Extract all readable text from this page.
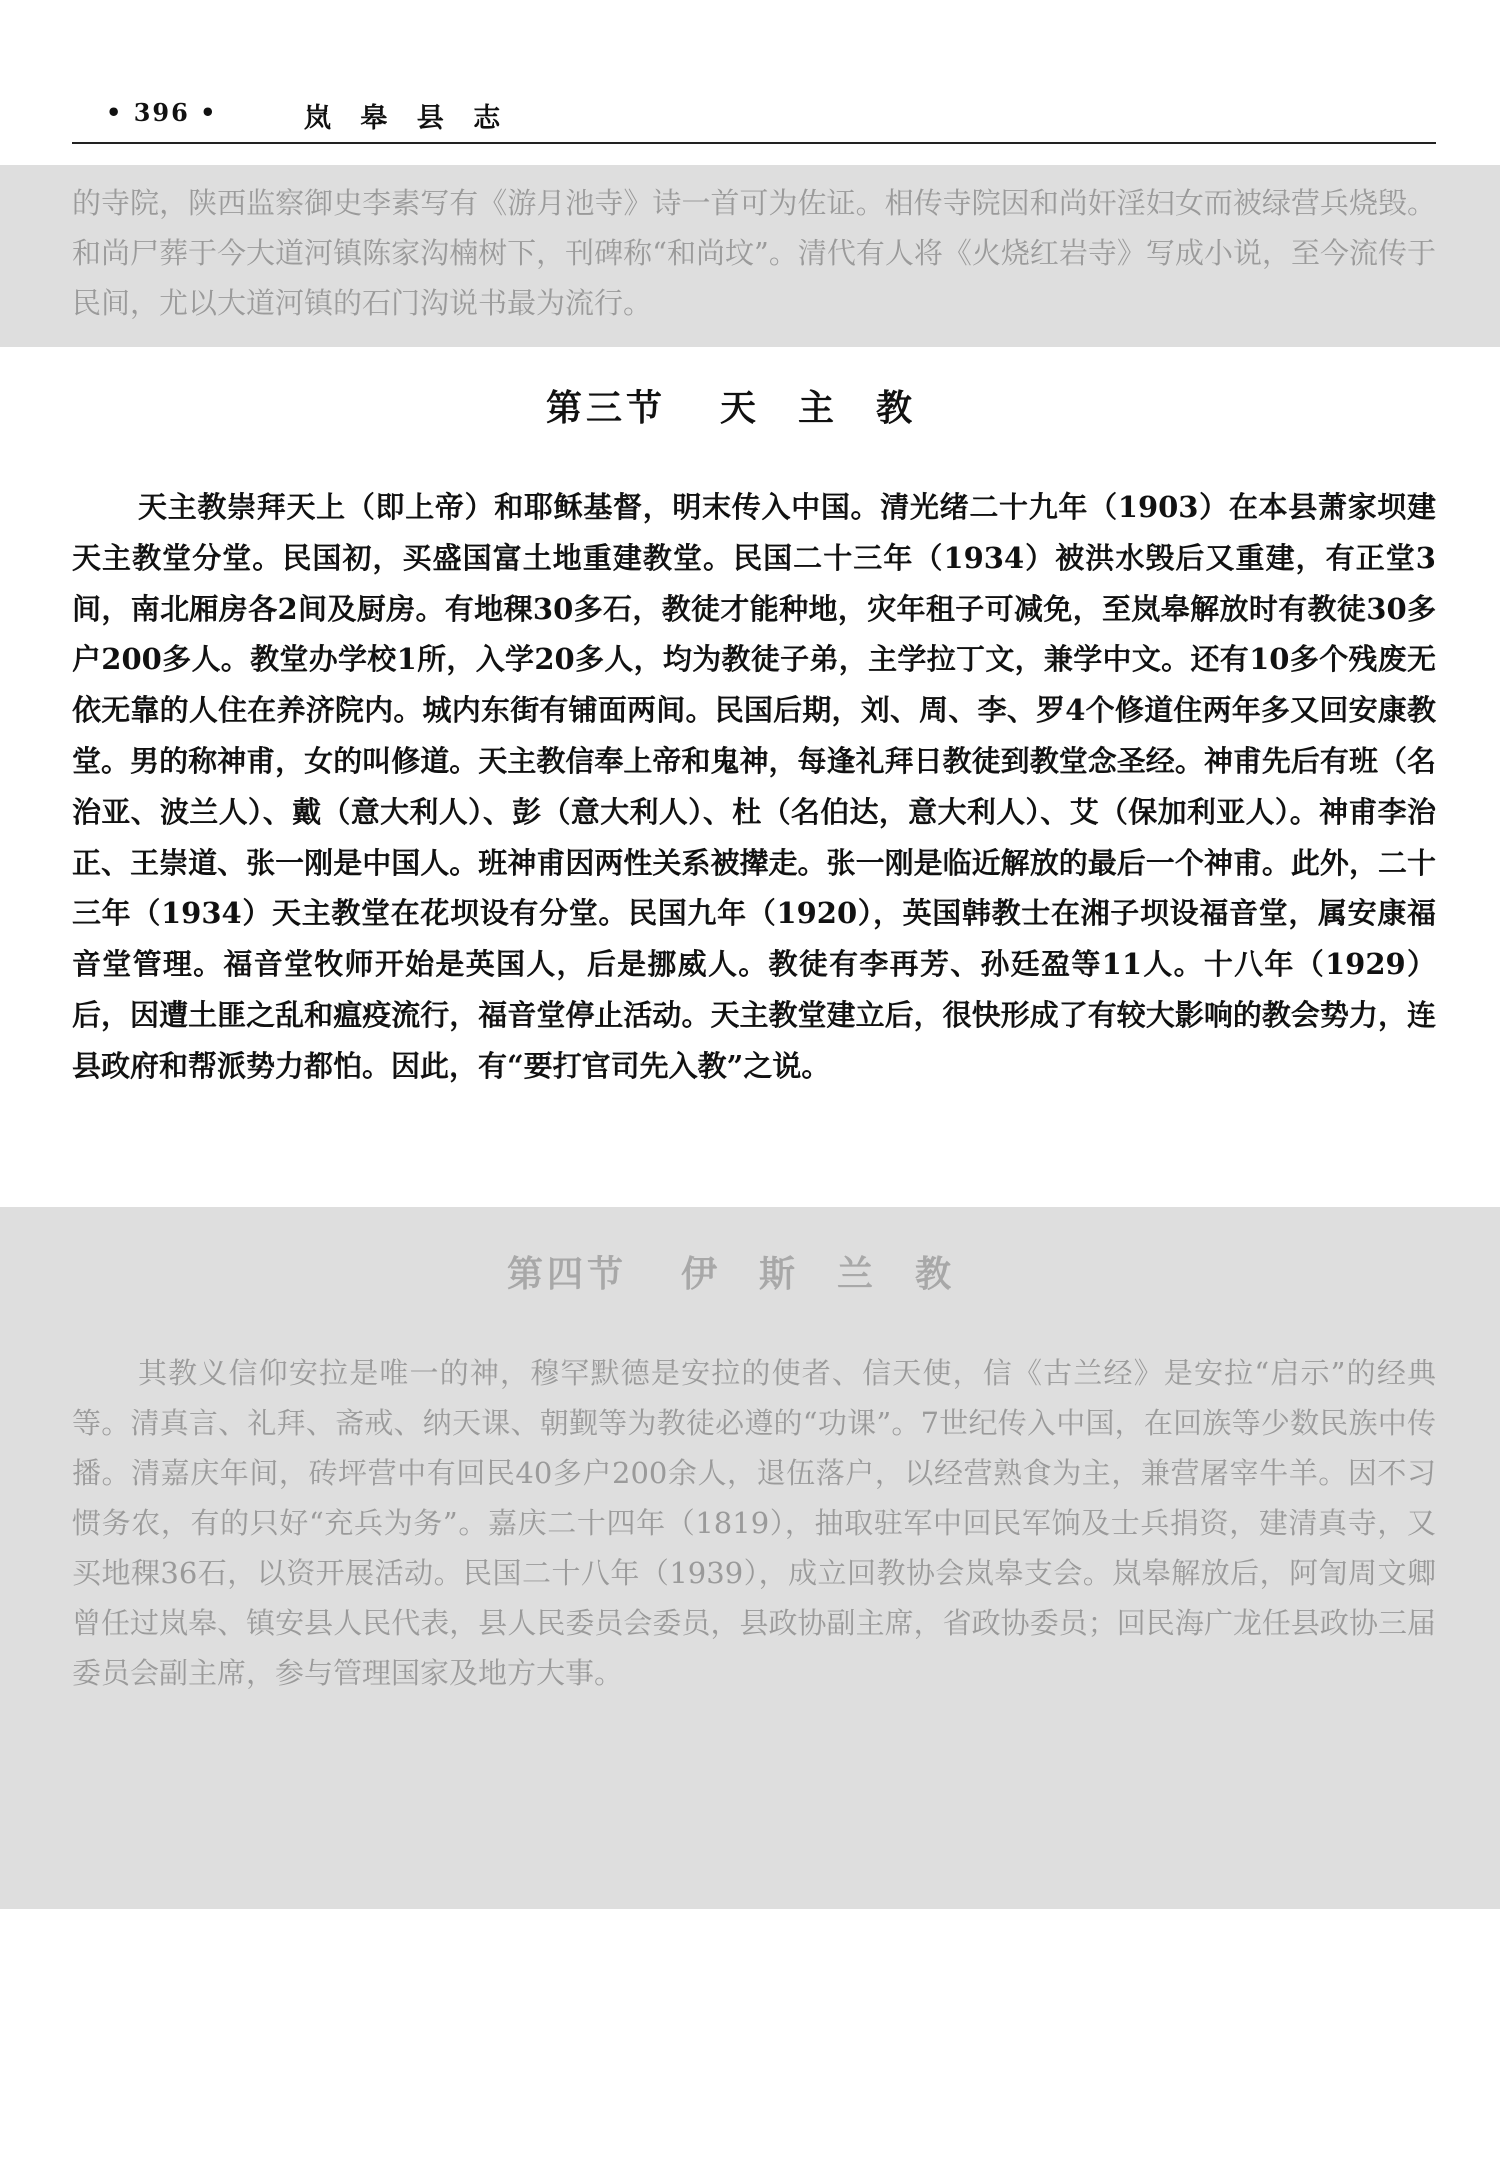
• 396 •	岚 皋 县 志

的寺院，陕西监察御史李素写有《游月池寺》诗一首可为佐证。相传寺院因和尚奸淫妇女而被绿营兵烧毁。和尚尸葬于今大道河镇陈家沟楠树下，刊碑称“和尚坟”。清代有人将《火烧红岩寺》写成小说，至今流传于民间，尤以大道河镇的石门沟说书最为流行。

第三节 天主教

天主教崇拜天上（即上帝）和耶稣基督，明末传入中国。清光绪二十九年（1903）在本县萧家坝建天主教堂分堂。民国初，买盛国富土地重建教堂。民国二十三年（1934）被洪水毁后又重建，有正堂3间，南北厢房各2间及厨房。有地稞30多石，教徒才能种地，灾年租子可减免，至岚皋解放时有教徒30多户200多人。教堂办学校1所，入学20多人，均为教徒子弟，主学拉丁文，兼学中文。还有10多个残废无依无靠的人住在养济院内。城内东街有铺面两间。民国后期，刘、周、李、罗4个修道住两年多又回安康教堂。男的称神甫，女的叫修道。天主教信奉上帝和鬼神，每逢礼拜日教徒到教堂念圣经。神甫先后有班（名治亚、波兰人）、戴（意大利人）、彭（意大利人）、杜（名伯达，意大利人）、艾（保加利亚人）。神甫李治正、王崇道、张一刚是中国人。班神甫因两性关系被撵走。张一刚是临近解放的最后一个神甫。此外，二十三年（1934）天主教堂在花坝设有分堂。民国九年（1920），英国韩教士在湘子坝设福音堂，属安康福音堂管理。福音堂牧师开始是英国人，后是挪威人。教徒有李再芳、孙廷盈等11人。十八年（1929）后，因遭土匪之乱和瘟疫流行，福音堂停止活动。天主教堂建立后，很快形成了有较大影响的教会势力，连县政府和帮派势力都怕。因此，有“要打官司先入教”之说。

第四节 伊斯兰教

其教义信仰安拉是唯一的神，穆罕默德是安拉的使者、信天使，信《古兰经》是安拉“启示”的经典等。清真言、礼拜、斋戒、纳天课、朝觐等为教徒必遵的“功课”。7世纪传入中国，在回族等少数民族中传播。清嘉庆年间，砖坪营中有回民40多户200余人，退伍落户，以经营熟食为主，兼营屠宰牛羊。因不习惯务农，有的只好“充兵为务”。嘉庆二十四年（1819），抽取驻军中回民军饷及士兵捐资，建清真寺，又买地稞36石，以资开展活动。民国二十八年（1939），成立回教协会岚皋支会。岚皋解放后，阿訇周文卿曾任过岚皋、镇安县人民代表，县人民委员会委员，县政协副主席，省政协委员；回民海广龙任县政协三届委员会副主席，参与管理国家及地方大事。
